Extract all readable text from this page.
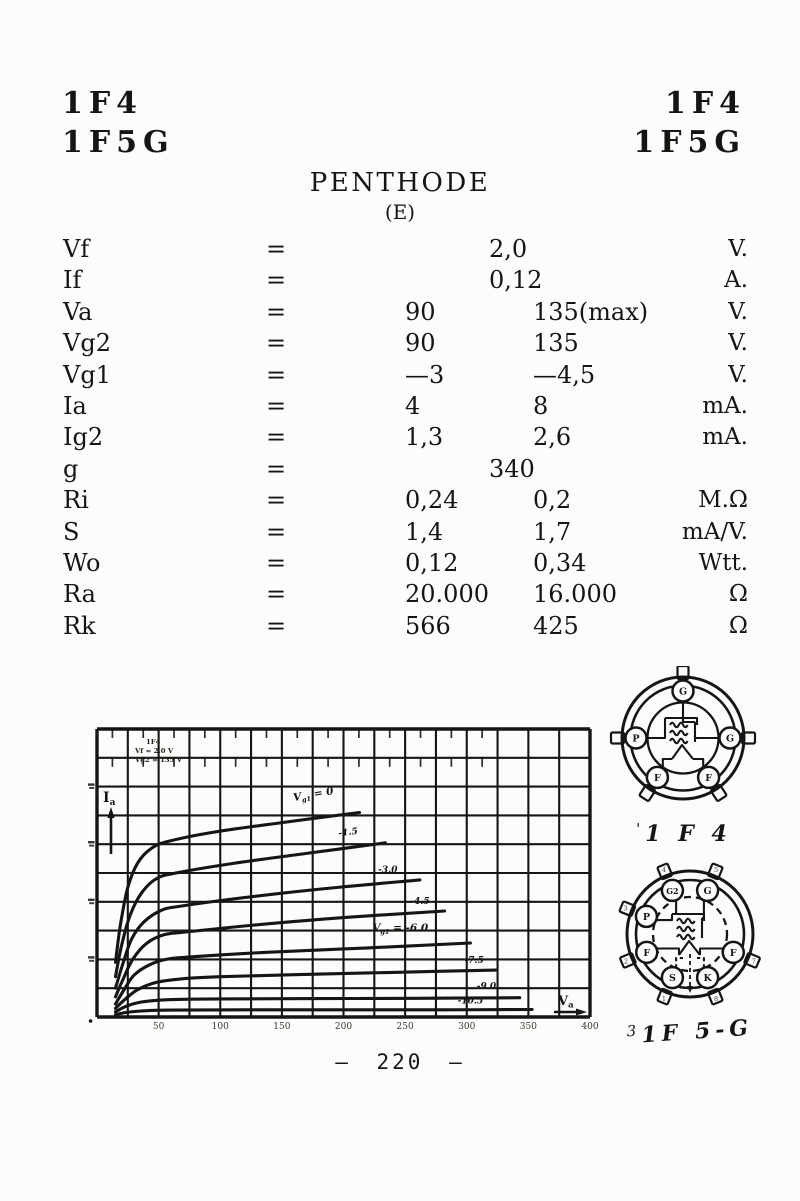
1F4
1F5G
1F4
1F5G
PENTHODE
(E)
Vf	=	2,0	V.
If	=	0,12	A.
Va	=	90	135(max)	V.
Vg2	=	90	135	V.
Vg1	=	—3	—4,5	V.
Ia	=	4	8	mA.
Ig2	=	1,3	2,6	mA.
g	=	340
Ri	=	0,24	0,2	M.Ω
S	=	1,4	1,7	mA/V.
Wo	=	0,12	0,34	Wtt.
Ra	=	20.000 16.000	Ω
Rk	=	566	425	Ω
50	100	150	200	250	300	350	400
$V_{g1} = 0$
-1.5
-3.0
-4.5
$V_{g1} = -6.0$
-7.5
-9.0
-10.5
1F4
Vf = 2.0 V
Vg2 = 135 V
Ia
$V_a$
G
P	G
F	F
' 1 F 4
G2
4
G
5
P
3
F
2
S
1
K
8
F
7
$^3$ 1F 5-G
— 220 —
